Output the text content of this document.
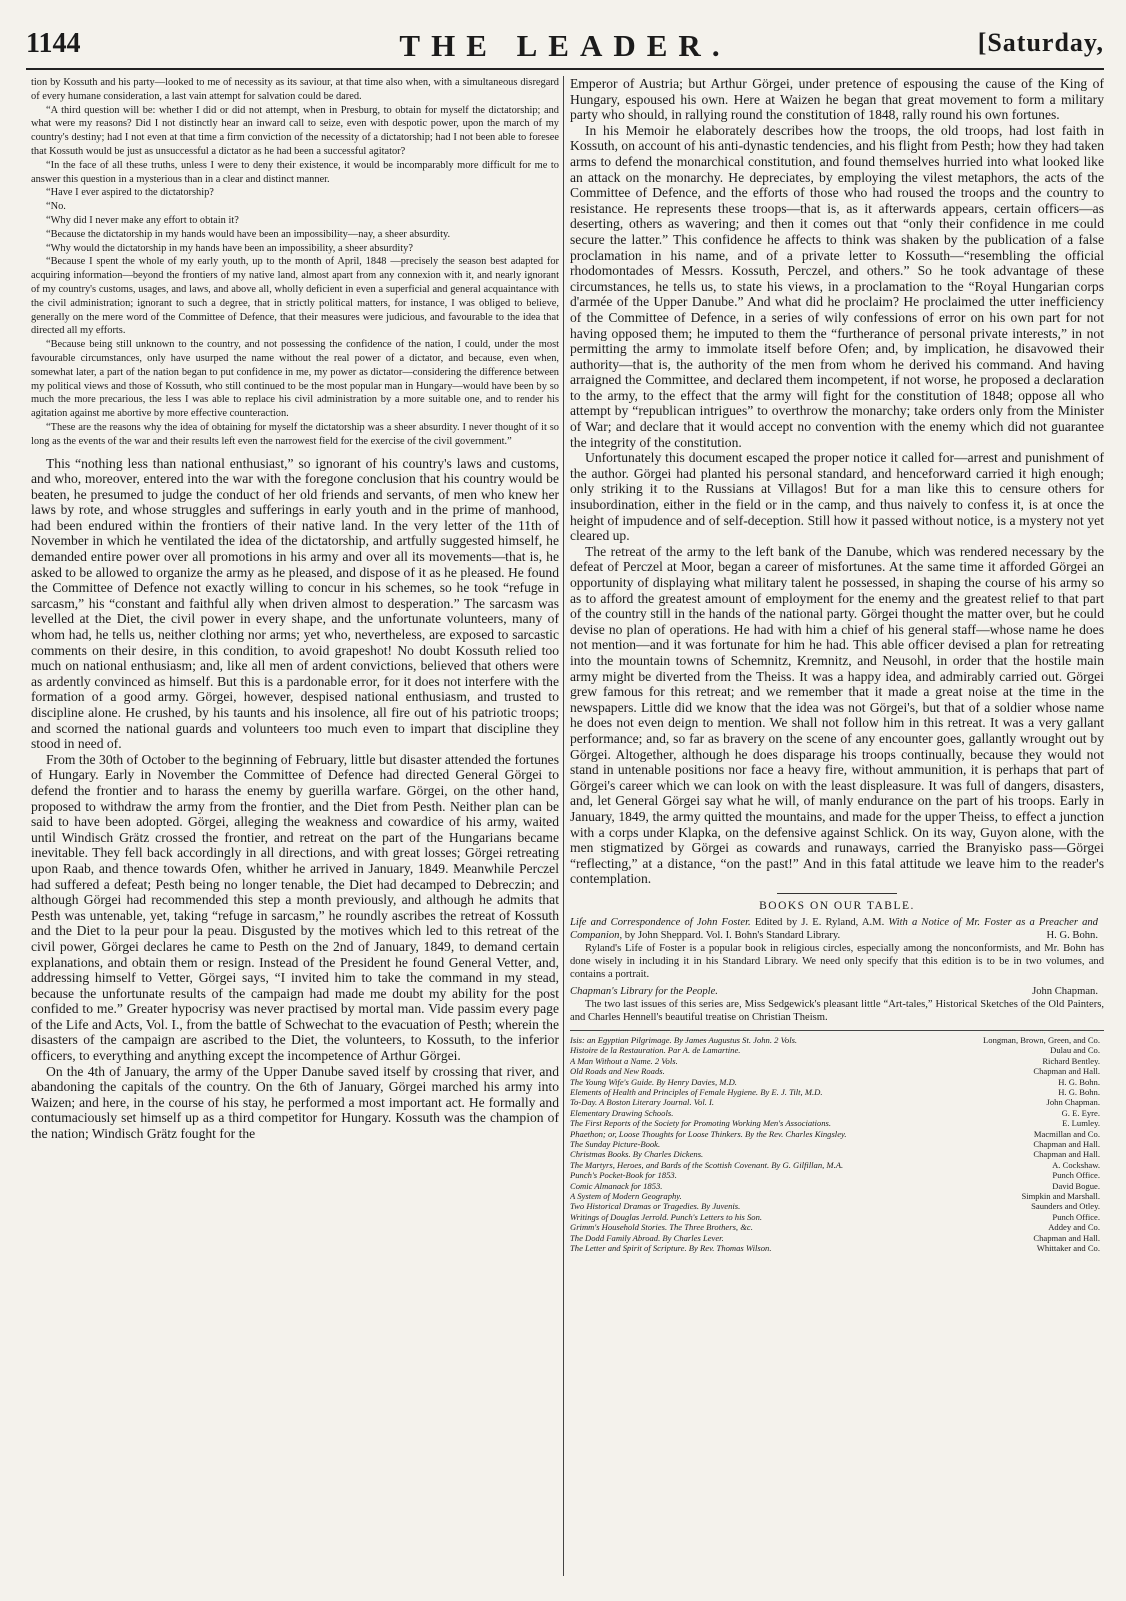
1144	THE LEADER.	[Saturday,

tion by Kossuth and his party—looked to me of necessity as its saviour, at that time also when, with a simultaneous disregard of every humane consideration, a last vain attempt for salvation could be dared.

“A third question will be: whether I did or did not attempt, when in Presburg, to obtain for myself the dictatorship; and what were my reasons? Did I not distinctly hear an inward call to seize, even with despotic power, upon the march of my country's destiny; had I not even at that time a firm conviction of the necessity of a dictatorship; had I not been able to foresee that Kossuth would be just as unsuccessful a dictator as he had been a successful agitator?

“In the face of all these truths, unless I were to deny their existence, it would be incomparably more difficult for me to answer this question in a mysterious than in a clear and distinct manner.

“Have I ever aspired to the dictatorship?

“No.

“Why did I never make any effort to obtain it?

“Because the dictatorship in my hands would have been an impossibility—nay, a sheer absurdity.

“Why would the dictatorship in my hands have been an impossibility, a sheer absurdity?

“Because I spent the whole of my early youth, up to the month of April, 1848 —precisely the season best adapted for acquiring information—beyond the frontiers of my native land, almost apart from any connexion with it, and nearly ignorant of my country's customs, usages, and laws, and above all, wholly deficient in even a superficial and general acquaintance with the civil administration; ignorant to such a degree, that in strictly political matters, for instance, I was obliged to believe, generally on the mere word of the Committee of Defence, that their measures were judicious, and favourable to the idea that directed all my efforts.

“Because being still unknown to the country, and not possessing the confidence of the nation, I could, under the most favourable circumstances, only have usurped the name without the real power of a dictator, and because, even when, somewhat later, a part of the nation began to put confidence in me, my power as dictator—considering the difference between my political views and those of Kossuth, who still continued to be the most popular man in Hungary—would have been by so much the more precarious, the less I was able to replace his civil administration by a more suitable one, and to render his agitation against me abortive by more effective counteraction.

“These are the reasons why the idea of obtaining for myself the dictatorship was a sheer absurdity. I never thought of it so long as the events of the war and their results left even the narrowest field for the exercise of the civil government.”

This “nothing less than national enthusiast,” so ignorant of his country's laws and customs, and who, moreover, entered into the war with the foregone conclusion that his country would be beaten, he presumed to judge the conduct of her old friends and servants, of men who knew her laws by rote, and whose struggles and sufferings in early youth and in the prime of manhood, had been endured within the frontiers of their native land. In the very letter of the 11th of November in which he ventilated the idea of the dictatorship, and artfully suggested himself, he demanded entire power over all promotions in his army and over all its movements—that is, he asked to be allowed to organize the army as he pleased, and dispose of it as he pleased. He found the Committee of Defence not exactly willing to concur in his schemes, so he took “refuge in sarcasm,” his “constant and faithful ally when driven almost to desperation.” The sarcasm was levelled at the Diet, the civil power in every shape, and the unfortunate volunteers, many of whom had, he tells us, neither clothing nor arms; yet who, nevertheless, are exposed to sarcastic comments on their desire, in this condition, to avoid grapeshot! No doubt Kossuth relied too much on national enthusiasm; and, like all men of ardent convictions, believed that others were as ardently convinced as himself. But this is a pardonable error, for it does not interfere with the formation of a good army. Görgei, however, despised national enthusiasm, and trusted to discipline alone. He crushed, by his taunts and his insolence, all fire out of his patriotic troops; and scorned the national guards and volunteers too much even to impart that discipline they stood in need of.

From the 30th of October to the beginning of February, little but disaster attended the fortunes of Hungary. Early in November the Committee of Defence had directed General Görgei to defend the frontier and to harass the enemy by guerilla warfare. Görgei, on the other hand, proposed to withdraw the army from the frontier, and the Diet from Pesth. Neither plan can be said to have been adopted. Görgei, alleging the weakness and cowardice of his army, waited until Windisch Grätz crossed the frontier, and retreat on the part of the Hungarians became inevitable. They fell back accordingly in all directions, and with great losses; Görgei retreating upon Raab, and thence towards Ofen, whither he arrived in January, 1849. Meanwhile Perczel had suffered a defeat; Pesth being no longer tenable, the Diet had decamped to Debreczin; and although Görgei had recommended this step a month previously, and although he admits that Pesth was untenable, yet, taking “refuge in sarcasm,” he roundly ascribes the retreat of Kossuth and the Diet to la peur pour la peau. Disgusted by the motives which led to this retreat of the civil power, Görgei declares he came to Pesth on the 2nd of January, 1849, to demand certain explanations, and obtain them or resign. Instead of the President he found General Vetter, and, addressing himself to Vetter, Görgei says, “I invited him to take the command in my stead, because the unfortunate results of the campaign had made me doubt my ability for the post confided to me.” Greater hypocrisy was never practised by mortal man. Vide passim every page of the Life and Acts, Vol. I., from the battle of Schwechat to the evacuation of Pesth; wherein the disasters of the campaign are ascribed to the Diet, the volunteers, to Kossuth, to the inferior officers, to everything and anything except the incompetence of Arthur Görgei.

On the 4th of January, the army of the Upper Danube saved itself by crossing that river, and abandoning the capitals of the country. On the 6th of January, Görgei marched his army into Waizen; and here, in the course of his stay, he performed a most important act. He formally and contumaciously set himself up as a third competitor for Hungary. Kossuth was the champion of the nation; Windisch Grätz fought for the

Emperor of Austria; but Arthur Görgei, under pretence of espousing the cause of the King of Hungary, espoused his own. Here at Waizen he began that great movement to form a military party who should, in rallying round the constitution of 1848, rally round his own fortunes.

In his Memoir he elaborately describes how the troops, the old troops, had lost faith in Kossuth, on account of his anti-dynastic tendencies, and his flight from Pesth; how they had taken arms to defend the monarchical constitution, and found themselves hurried into what looked like an attack on the monarchy. He depreciates, by employing the vilest metaphors, the acts of the Committee of Defence, and the efforts of those who had roused the troops and the country to resistance. He represents these troops—that is, as it afterwards appears, certain officers—as deserting, others as wavering; and then it comes out that “only their confidence in me could secure the latter.” This confidence he affects to think was shaken by the publication of a false proclamation in his name, and of a private letter to Kossuth—“resembling the official rhodomontades of Messrs. Kossuth, Perczel, and others.” So he took advantage of these circumstances, he tells us, to state his views, in a proclamation to the “Royal Hungarian corps d'armée of the Upper Danube.” And what did he proclaim? He proclaimed the utter inefficiency of the Committee of Defence, in a series of wily confessions of error on his own part for not having opposed them; he imputed to them the “furtherance of personal private interests,” in not permitting the army to immolate itself before Ofen; and, by implication, he disavowed their authority—that is, the authority of the men from whom he derived his command. And having arraigned the Committee, and declared them incompetent, if not worse, he proposed a declaration to the army, to the effect that the army will fight for the constitution of 1848; oppose all who attempt by “republican intrigues” to overthrow the monarchy; take orders only from the Minister of War; and declare that it would accept no convention with the enemy which did not guarantee the integrity of the constitution.

Unfortunately this document escaped the proper notice it called for—arrest and punishment of the author. Görgei had planted his personal standard, and henceforward carried it high enough; only striking it to the Russians at Villagos! But for a man like this to censure others for insubordination, either in the field or in the camp, and thus naively to confess it, is at once the height of impudence and of self-deception. Still how it passed without notice, is a mystery not yet cleared up.

The retreat of the army to the left bank of the Danube, which was rendered necessary by the defeat of Perczel at Moor, began a career of misfortunes. At the same time it afforded Görgei an opportunity of displaying what military talent he possessed, in shaping the course of his army so as to afford the greatest amount of employment for the enemy and the greatest relief to that part of the country still in the hands of the national party. Görgei thought the matter over, but he could devise no plan of operations. He had with him a chief of his general staff—whose name he does not mention—and it was fortunate for him he had. This able officer devised a plan for retreating into the mountain towns of Schemnitz, Kremnitz, and Neusohl, in order that the hostile main army might be diverted from the Theiss. It was a happy idea, and admirably carried out. Görgei grew famous for this retreat; and we remember that it made a great noise at the time in the newspapers. Little did we know that the idea was not Görgei's, but that of a soldier whose name he does not even deign to mention. We shall not follow him in this retreat. It was a very gallant performance; and, so far as bravery on the scene of any encounter goes, gallantly wrought out by Görgei. Altogether, although he does disparage his troops continually, because they would not stand in untenable positions nor face a heavy fire, without ammunition, it is perhaps that part of Görgei's career which we can look on with the least displeasure. It was full of dangers, disasters, and, let General Görgei say what he will, of manly endurance on the part of his troops. Early in January, 1849, the army quitted the mountains, and made for the upper Theiss, to effect a junction with a corps under Klapka, on the defensive against Schlick. On its way, Guyon alone, with the men stigmatized by Görgei as cowards and runaways, carried the Branyisko pass—Görgei “reflecting,” at a distance, “on the past!” And in this fatal attitude we leave him to the reader's contemplation.

BOOKS ON OUR TABLE.
Life and Correspondence of John Foster. Edited by J. E. Ryland, A.M. With a Notice of Mr. Foster as a Preacher and Companion, by John Sheppard. Vol. I. Bohn's Standard Library.	H. G. Bohn.

Ryland's Life of Foster is a popular book in religious circles, especially among the nonconformists, and Mr. Bohn has done wisely in including it in his Standard Library. We need only specify that this edition is to be in two volumes, and contains a portrait.

Chapman's Library for the People.	John Chapman.

The two last issues of this series are, Miss Sedgewick's pleasant little “Art-tales,” Historical Sketches of the Old Painters, and Charles Hennell's beautiful treatise on Christian Theism.

Isis: an Egyptian Pilgrimage. By James Augustus St. John. 2 Vols.	Longman, Brown, Green, and Co.
Histoire de la Restauration. Par A. de Lamartine.	Dulau and Co.
A Man Without a Name. 2 Vols.	Richard Bentley.
Old Roads and New Roads.	Chapman and Hall.
The Young Wife's Guide. By Henry Davies, M.D.	H. G. Bohn.
Elements of Health and Principles of Female Hygiene. By E. J. Tilt, M.D.	H. G. Bohn.
To-Day. A Boston Literary Journal. Vol. I.	John Chapman.
Elementary Drawing Schools.	G. E. Eyre.
The First Reports of the Society for Promoting Working Men's Associations.	E. Lumley.
Phaethon; or, Loose Thoughts for Loose Thinkers. By the Rev. Charles Kingsley.	Macmillan and Co.
The Sunday Picture-Book.	Chapman and Hall.
Christmas Books. By Charles Dickens.	Chapman and Hall.
The Martyrs, Heroes, and Bards of the Scottish Covenant. By G. Gilfillan, M.A.	A. Cockshaw.
Punch's Pocket-Book for 1853.	Punch Office.
Comic Almanack for 1853.	David Bogue.
A System of Modern Geography.	Simpkin and Marshall.
Two Historical Dramas or Tragedies. By Juvenis.	Saunders and Otley.
Writings of Douglas Jerrold. Punch's Letters to his Son.	Punch Office.
Grimm's Household Stories. The Three Brothers, &c.	Addey and Co.
The Dodd Family Abroad. By Charles Lever.	Chapman and Hall.
The Letter and Spirit of Scripture. By Rev. Thomas Wilson.	Whittaker and Co.
